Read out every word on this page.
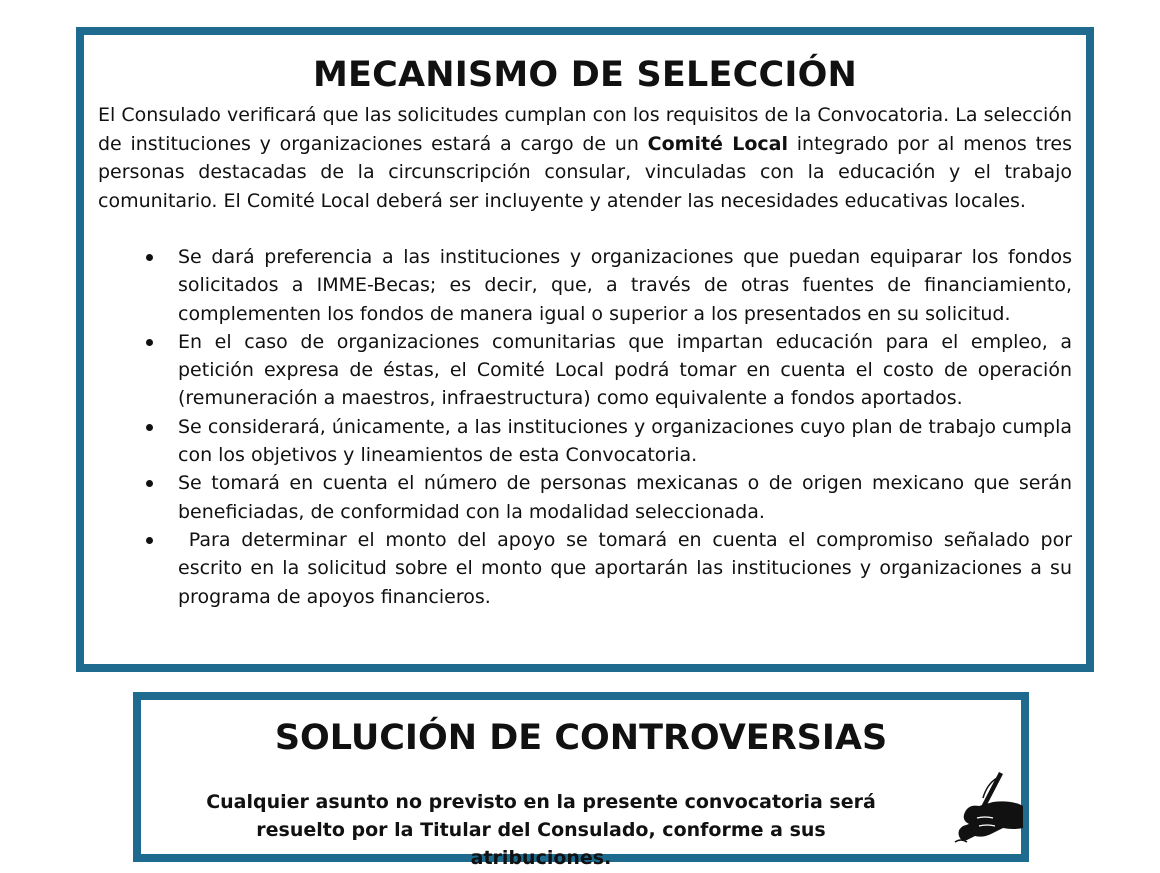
MECANISMO DE SELECCIÓN

El Consulado verificará que las solicitudes cumplan con los requisitos de la Convocatoria. La selección de instituciones y organizaciones estará a cargo de un Comité Local integrado por al menos tres personas destacadas de la circunscripción consular, vinculadas con la educación y el trabajo comunitario. El Comité Local deberá ser incluyente y atender las necesidades educativas locales.

Se dará preferencia a las instituciones y organizaciones que puedan equiparar los fondos solicitados a IMME-Becas; es decir, que, a través de otras fuentes de financiamiento, complementen los fondos de manera igual o superior a los presentados en su solicitud.
En el caso de organizaciones comunitarias que impartan educación para el empleo, a petición expresa de éstas, el Comité Local podrá tomar en cuenta el costo de operación (remuneración a maestros, infraestructura) como equivalente a fondos aportados.
Se considerará, únicamente, a las instituciones y organizaciones cuyo plan de trabajo cumpla con los objetivos y lineamientos de esta Convocatoria.
Se tomará en cuenta el número de personas mexicanas o de origen mexicano que serán beneficiadas, de conformidad con la modalidad seleccionada.
Para determinar el monto del apoyo se tomará en cuenta el compromiso señalado por escrito en la solicitud sobre el monto que aportarán las instituciones y organizaciones a su programa de apoyos financieros.
SOLUCIÓN DE CONTROVERSIAS

Cualquier asunto no previsto en la presente convocatoria será
resuelto por la Titular del Consulado, conforme a sus atribuciones.
